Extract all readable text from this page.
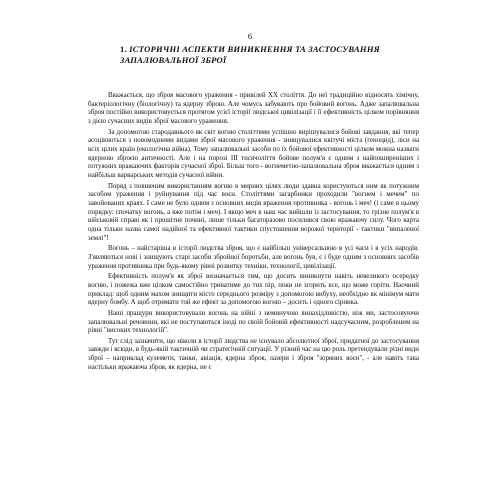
6
1. ІСТОРИЧНІ АСПЕКТИ ВИНИКНЕННЯ ТА ЗАСТОСУВАННЯ ЗАПАЛЮВАЛЬНОЇ ЗБРОЇ

Вважається, що зброя масового ураження - привілей ХХ століття. До неї традиційно відносять хімічну, бактеріологічну (біологічну) та ядерну зброю. Але чомусь забувають про бойовий вогонь. Адже запалювальна зброя постійно використовується протягом усієї історії людської цивілізації і її ефективність цілком порівняння з дією сучасних видів зброї масового ураження.

За допомогою стародавнього як світ вогню століттями успішно вирішувалися бойові завдання, які тепер асоціюються з новомодними видами зброї масового ураження - знищувалися квітучі міста (геноцид), ліси на всіх цілих країн (екологічна війна). Тому запалювальні засоби по їх бойової ефективності цілком можна назвати ядерною зброєю античності. Але і на порозі ІІІ тисячоліття бойове полум'я є одним з найпоширеніших і потужних вражаючих факторів сучасної зброї. Більш того - вогнеметно-запалювальна зброя вважається одним з найбільш варварських методів сучасної війни.

Поряд з повшеним використанням вогню в мирних цілях люди здавна користуються ним як потужним засобом ураження і руйнування під час воєн. Століттями загарбники проходили "вогнем і мечем" по завойованих краях. І саме не було одним з основних видів враження противника - вогонь і меч! (і саме в цьому порядку: спочатку вогонь, а вже потім і меч). І якщо меч в наш час вийшли із застосування, то грізне полум'я в військовій справі як і прошітне почині, лише тільки багаторазово посилився свою вражаючу силу. Чого варта одна тільки назва самої надійної та ефективної тактики спустошення ворожої території - тактики "випаленої землі"!

Вогонь – найстаріша в історії людства зброя, що є найбільш універсальною в усі часи і в усіх народів. З'являються нові і знищують старі засоби збройної боротьби, але вогонь був, є і буде одним з основних засобів ураження противника при будь-якому рівні розвитку техніки, технології, цивілізації.

Ефективність полум'я як зброї визначається тим, що досить виникнути навіть невеликого осередку вогню, і пожежа вже цілком самостійно триватиме до тих пір, поки не згорить все, що може горіти. Наочний приклад: щоб одним махом знищити місто середнього розміру з допомогою вибуху, необхідно як мінімум мати ядерну бомбу. А щоб отримати той же ефект за допомогою вогню – досить і одного сірника.

Наші пращури використовували вогонь на війні з неминучою винахідливістю, ніж ми, застосовуючи запалювальні речовини, які не поступаються іноді по своїй бойовій ефективності надсучасним, розробленим на рівні "високих технологій".

Тут слід зазначити, що ніколи в історії людства не існувало абсолютної зброї, придатної до застосування завжди і всюди, в будь-якій тактичній чи стратегічній ситуації. У різний час на цю роль претендували різні види зброї – наприклад кулемети, танки, авіація, ядерна зброя, лазери і зброя "зоряних воєн", - але навіть така настільки вражаюча зброя, як ядерна, не є
